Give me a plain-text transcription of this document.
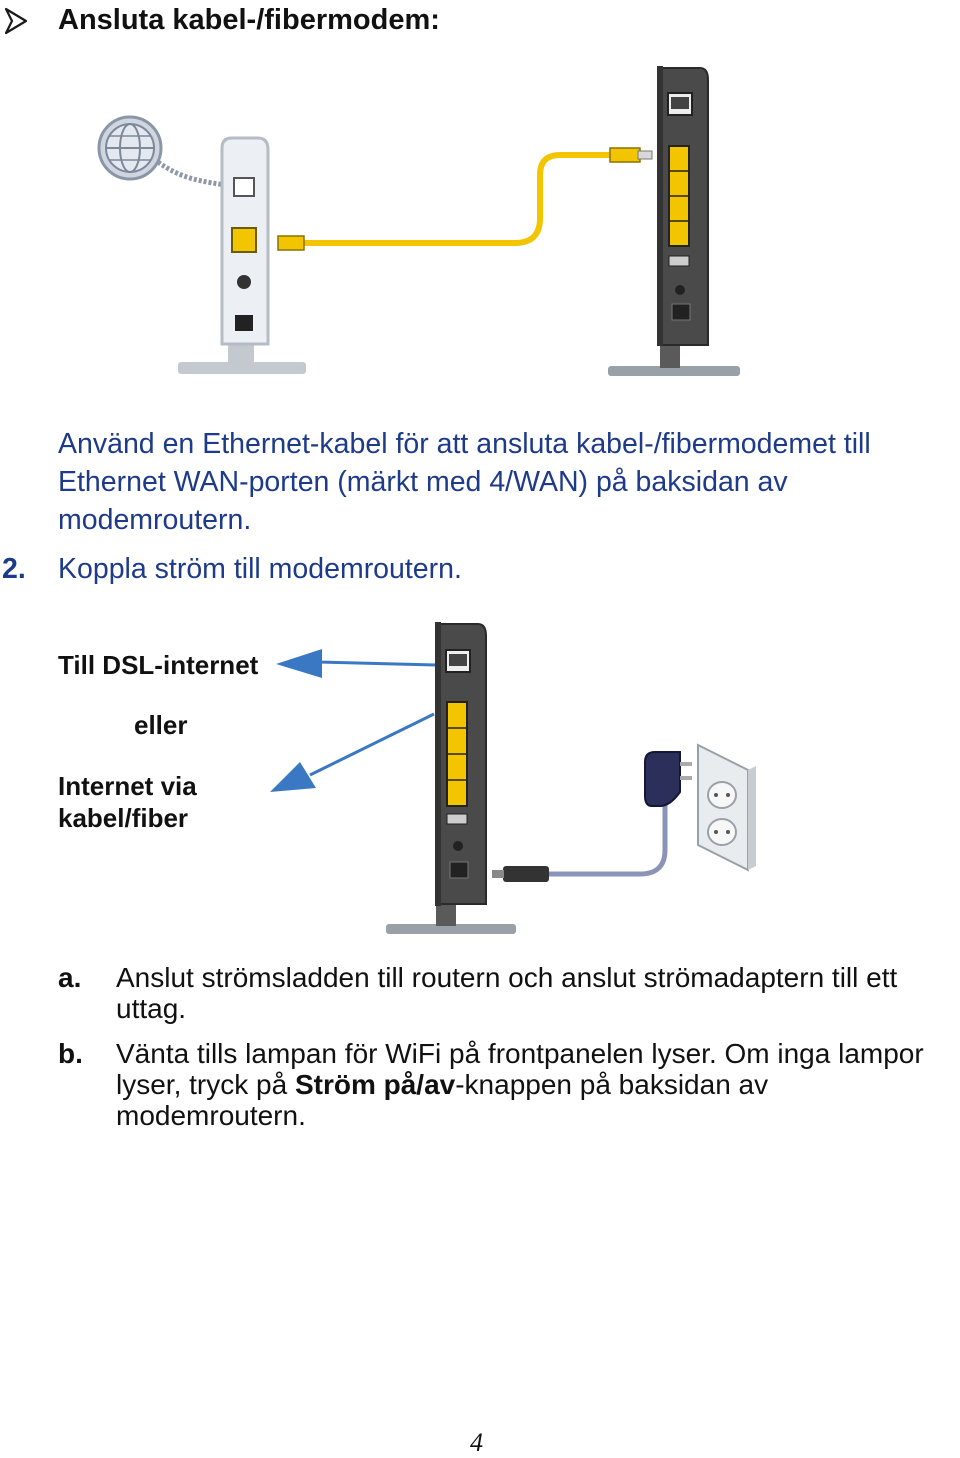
Ansluta kabel-/fibermodem:
Använd en Ethernet-kabel för att ansluta kabel-/fibermodemet till Ethernet WAN-porten (märkt med 4/WAN) på baksidan av modemroutern.
2. Koppla ström till modemroutern.
Till DSL-internet
eller
Internet via
kabel/fiber
a. Anslut strömsladden till routern och anslut strömadaptern till ett uttag.
b. Vänta tills lampan för WiFi på frontpanelen lyser. Om inga lampor lyser, tryck på Ström på/av-knappen på baksidan av modemroutern.
4
